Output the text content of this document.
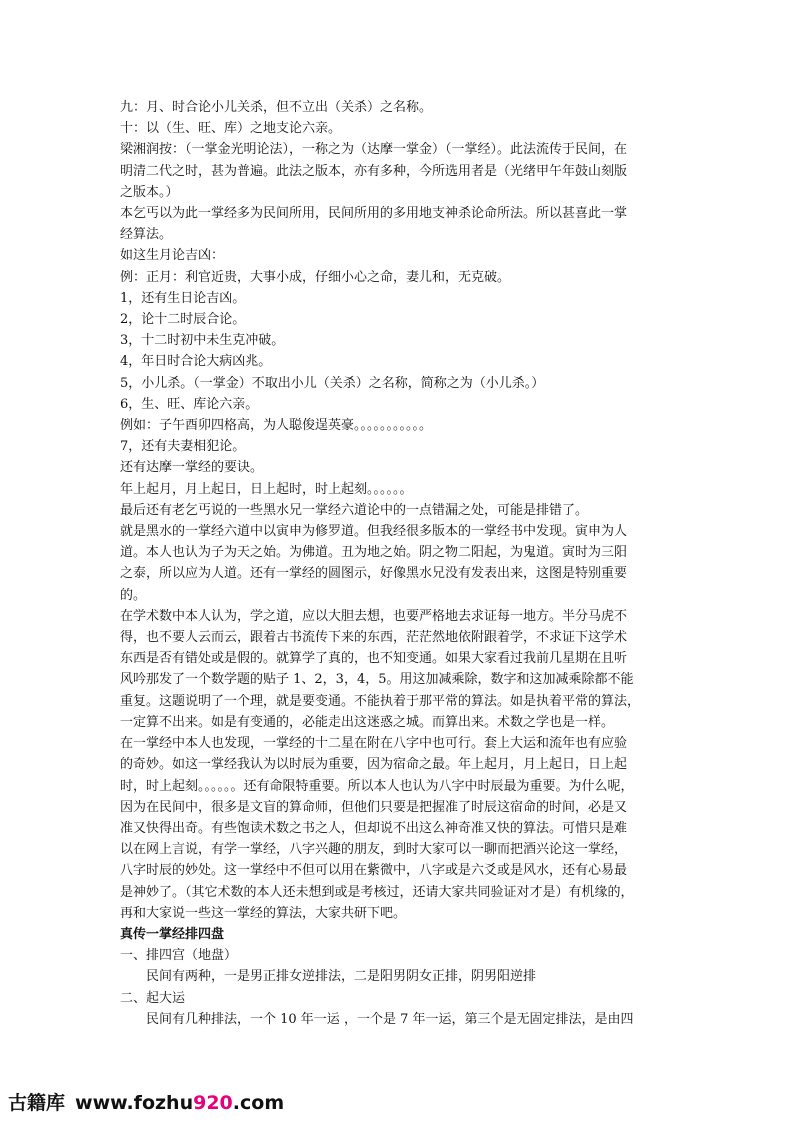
九：月、时合论小儿关杀，但不立出（关杀）之名称。

十：以（生、旺、库）之地支论六亲。

梁湘润按：（一掌金光明论法），一称之为（达摩一掌金）（一掌经）。此法流传于民间，在

明清二代之时，甚为普遍。此法之版本，亦有多种，今所选用者是（光绪甲午年鼓山刻版

之版本。）

本乞丐以为此一掌经多为民间所用，民间所用的多用地支神杀论命所法。所以甚喜此一掌

经算法。

如这生月论吉凶：

例：正月：利官近贵，大事小成，仔细小心之命，妻儿和，无克破。

1，还有生日论吉凶。

2，论十二时辰合论。

3，十二时初中未生克冲破。

4，年日时合论大病凶兆。

5，小儿杀。（一掌金）不取出小儿（关杀）之名称，简称之为（小儿杀。）

6，生、旺、库论六亲。

例如：子午酉卯四格高，为人聪俊逞英豪。。。。。。。。。。。

7，还有夫妻相犯论。

还有达摩一掌经的要诀。

年上起月，月上起日，日上起时，时上起刻。。。。。。

最后还有老乞丐说的一些黑水兄一掌经六道论中的一点错漏之处，可能是排错了。

就是黑水的一掌经六道中以寅申为修罗道。但我经很多版本的一掌经书中发现。寅申为人

道。本人也认为子为天之始。为佛道。丑为地之始。阴之物二阳起，为鬼道。寅时为三阳

之泰，所以应为人道。还有一掌经的圆图示，好像黑水兄没有发表出来，这图是特别重要

的。

在学术数中本人认为，学之道，应以大胆去想，也要严格地去求证每一地方。半分马虎不

得，也不要人云而云，跟着古书流传下来的东西，茫茫然地依附跟着学，不求证下这学术

东西是否有错处或是假的。就算学了真的，也不知变通。如果大家看过我前几星期在且听

风吟那发了一个数学题的贴子 1、2，3，4，5。用这加减乘除，数字和这加减乘除都不能

重复。这题说明了一个理，就是要变通。不能执着于那平常的算法。如是执着平常的算法，

一定算不出来。如是有变通的，必能走出这迷惑之城。而算出来。术数之学也是一样。

在一掌经中本人也发现，一掌经的十二星在附在八字中也可行。套上大运和流年也有应验

的奇妙。如这一掌经我认为以时辰为重要，因为宿命之最。年上起月，月上起日，日上起

时，时上起刻。。。。。。还有命限特重要。所以本人也认为八字中时辰最为重要。为什么呢，

因为在民间中，很多是文盲的算命师，但他们只要是把握准了时辰这宿命的时间，必是又

准又快得出奇。有些饱读术数之书之人，但却说不出这么神奇准又快的算法。可惜只是难

以在网上言说，有学一掌经，八字兴趣的朋友，到时大家可以一聊而把酒兴论这一掌经，

八字时辰的妙处。这一掌经中不但可以用在紫微中，八字或是六爻或是风水，还有心易最

是神妙了。（其它术数的本人还未想到或是考核过，还请大家共同验证对才是）有机缘的，

再和大家说一些这一掌经的算法，大家共研下吧。

真传一掌经排四盘

一、排四宫（地盘）

民间有两种，一是男正排女逆排法，二是阳男阴女正排，阴男阳逆排

二、起大运

民间有几种排法，一个 10 年一运 ，一个是 7 年一运，第三个是无固定排法，是由四

古籍库 www.fozhu920.com
